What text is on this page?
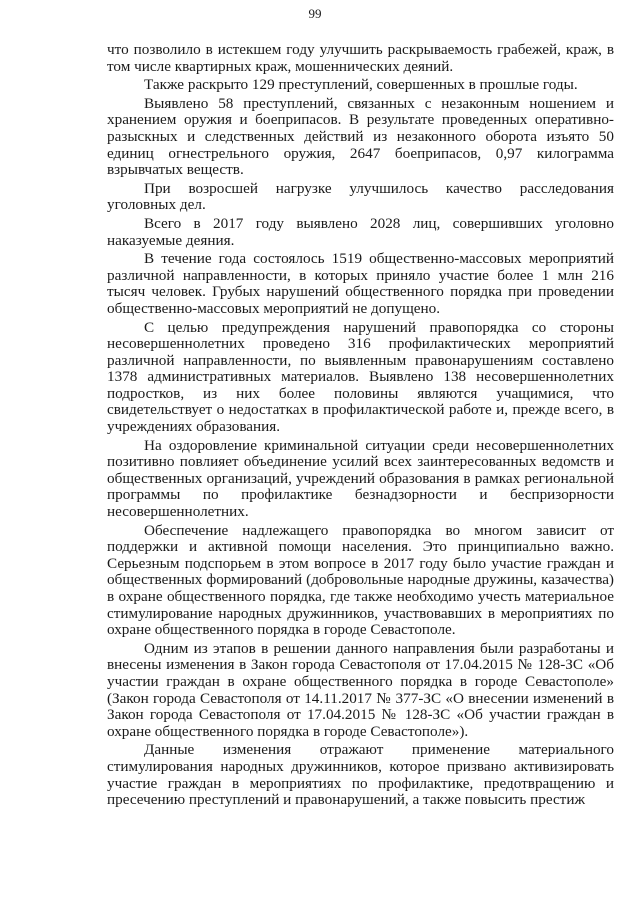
99

что позволило в истекшем году улучшить раскрываемость грабежей, краж, в том числе квартирных краж, мошеннических деяний.

Также раскрыто 129 преступлений, совершенных в прошлые годы.

Выявлено 58 преступлений, связанных с незаконным ношением и хранением оружия и боеприпасов. В результате проведенных оперативно-разыскных и следственных действий из незаконного оборота изъято 50 единиц огнестрельного оружия, 2647 боеприпасов, 0,97 килограмма взрывчатых веществ.

При возросшей нагрузке улучшилось качество расследования уголовных дел.

Всего в 2017 году выявлено 2028 лиц, совершивших уголовно наказуемые деяния.

В течение года состоялось 1519 общественно-массовых мероприятий различной направленности, в которых приняло участие более 1 млн 216 тысяч человек. Грубых нарушений общественного порядка при проведении общественно-массовых мероприятий не допущено.

С целью предупреждения нарушений правопорядка со стороны несовершеннолетних проведено 316 профилактических мероприятий различной направленности, по выявленным правонарушениям составлено 1378 административных материалов. Выявлено 138 несовершеннолетних подростков, из них более половины являются учащимися, что свидетельствует о недостатках в профилактической работе и, прежде всего, в учреждениях образования.

На оздоровление криминальной ситуации среди несовершеннолетних позитивно повлияет объединение усилий всех заинтересованных ведомств и общественных организаций, учреждений образования в рамках региональной программы по профилактике безнадзорности и беспризорности несовершеннолетних.

Обеспечение надлежащего правопорядка во многом зависит от поддержки и активной помощи населения. Это принципиально важно. Серьезным подспорьем в этом вопросе в 2017 году было участие граждан и общественных формирований (добровольные народные дружины, казачества) в охране общественного порядка, где также необходимо учесть материальное стимулирование народных дружинников, участвовавших в мероприятиях по охране общественного порядка в городе Севастополе.

Одним из этапов в решении данного направления были разработаны и внесены изменения в Закон города Севастополя от 17.04.2015 № 128-ЗС «Об участии граждан в охране общественного порядка в городе Севастополе» (Закон города Севастополя от 14.11.2017 № 377-ЗС «О внесении изменений в Закон города Севастополя от 17.04.2015 № 128-ЗС «Об участии граждан в охране общественного порядка в городе Севастополе»).

Данные изменения отражают применение материального стимулирования народных дружинников, которое призвано активизировать участие граждан в мероприятиях по профилактике, предотвращению и пресечению преступлений и правонарушений, а также повысить престиж
